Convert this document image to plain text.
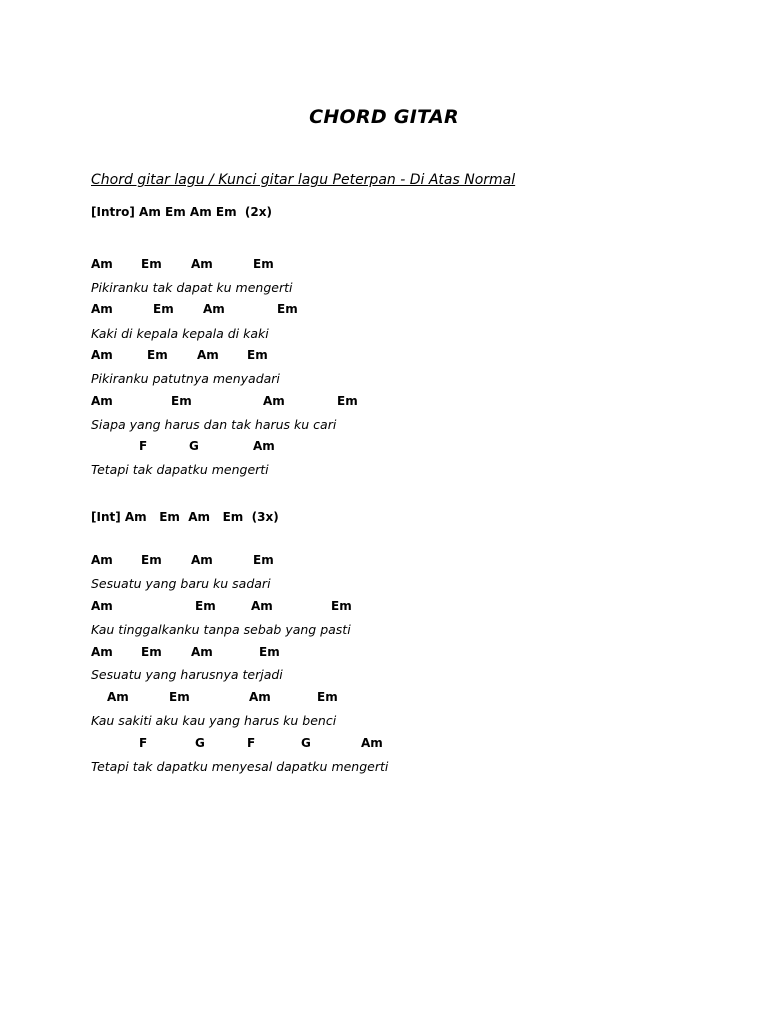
CHORD GITAR
Chord gitar lagu / Kunci gitar lagu Peterpan - Di Atas Normal
[Intro] Am Em Am Em  (2x)
Am Em Am	Em
Pikiranku tak dapat ku mengerti
Am	Em Am	Em
Kaki di kepala kepala di kaki
Am	Em Am Em
Pikiranku patutnya menyadari
Am	Em	Am	Em
Siapa yang harus dan tak harus ku cari
F	G	Am
Tetapi tak dapatku mengerti
[Int] Am   Em  Am   Em  (3x)
Am Em Am	Em
Sesuatu yang baru ku sadari
Am	Em	Am	Em
Kau tinggalkanku tanpa sebab yang pasti
Am Em Am	Em
Sesuatu yang harusnya terjadi
Am	Em	Am	Em
Kau sakiti aku kau yang harus ku benci
F	G	F	G	Am
Tetapi tak dapatku menyesal dapatku mengerti
